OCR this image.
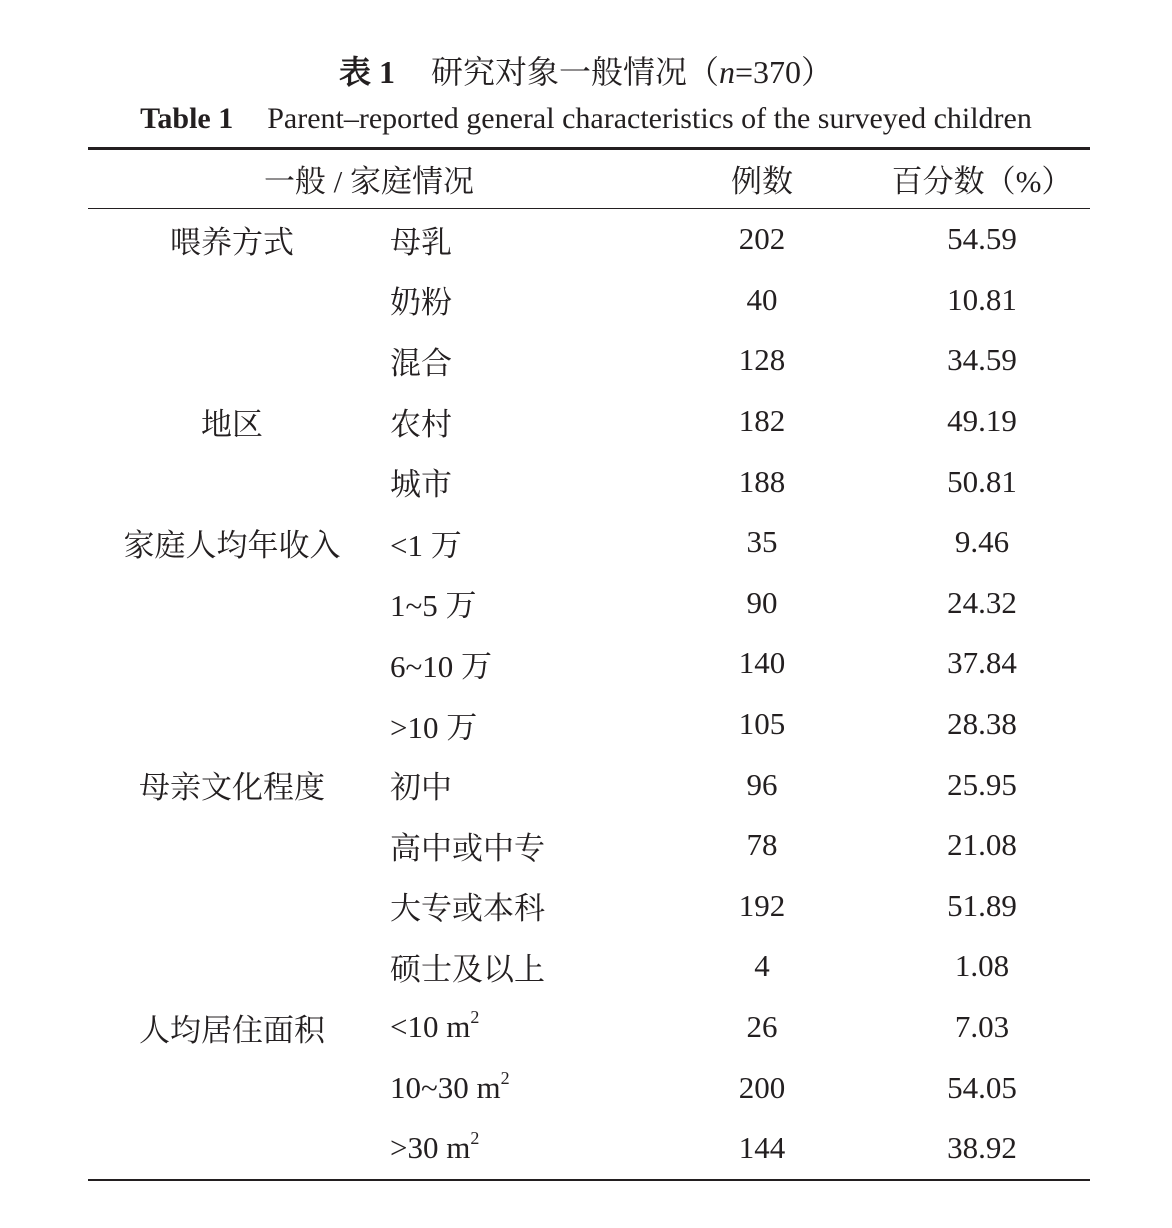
表 1 研究对象一般情况（n=370）
Table 1 Parent–reported general characteristics of the surveyed children
一般 / 家庭情况	例数	百分数（%）
喂养方式	母乳	202	54.59
奶粉	40	10.81
混合	128	34.59
地区	农村	182	49.19
城市	188	50.81
家庭人均年收入	<1 万	35	9.46
1~5 万	90	24.32
6~10 万	140	37.84
>10 万	105	28.38
母亲文化程度	初中	96	25.95
高中或中专	78	21.08
大专或本科	192	51.89
硕士及以上	4	1.08
人均居住面积	<10 $m^2$	26	7.03
10~30 $m^2$	200	54.05
>30 $m^2$	144	38.92
